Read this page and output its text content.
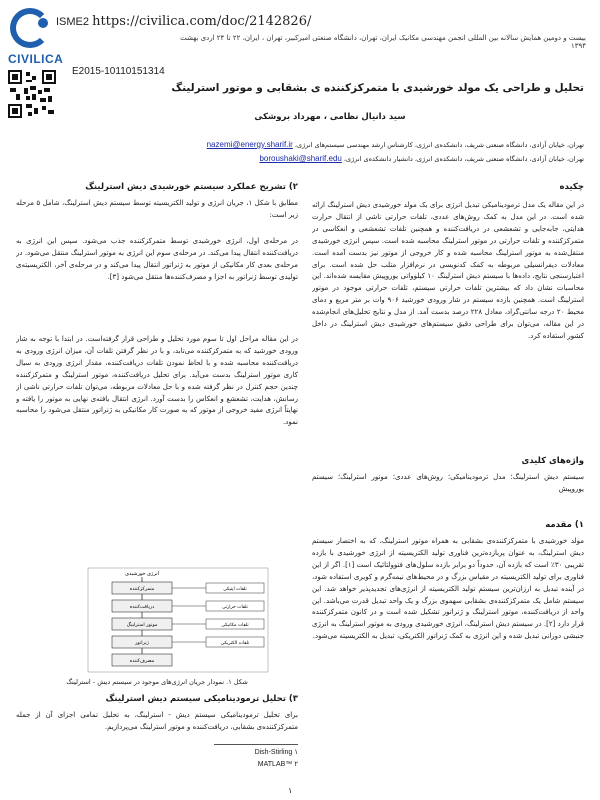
CIVILICA
ISME2 https://civilica.com/doc/2142826/
بیست و دومین همایش سالانه بین المللی انجمن مهندسی مکانیک ایران، تهران، دانشگاه صنعتی امیرکبیر، تهران ، ایران، ۲۲ تا ۲۴ اردی بهشت ۱۳۹۴
E2015-10110151314
تحلیل و طراحی یک مولد خورشیدی با متمرکزکننده ی بشقابی و موتور استرلینگ
سید دانیال نظامی ، مهرداد بروشکی
تهران، خیابان آزادی، دانشگاه صنعتی شریف، دانشکده‌ی انرژی، کارشناس ارشد مهندسی سیستم‌های انرژی، nazemi@energy.sharif.ir
تهران، خیابان آزادی، دانشگاه صنعتی شریف، دانشکده‌ی انرژی، دانشیار دانشکده‌ی انرژی، boroushaki@sharif.edu
چکیده
در این مقاله یک مدل ترمودینامیکی تبدیل انرژی برای یک مولد خورشیدی دیش استرلینگ ارائه شده است. در این مدل به کمک روش‌های عددی، تلفات حرارتی ناشی از انتقال حرارت هدایتی، جابه‌جایی و تشعشعی در دریافت‌کننده و همچنین تلفات تشعشعی و انعکاسی در متمرکزکننده و تلفات حرارتی در موتور استرلینگ محاسبه شده است. سپس انرژی خورشیدی منتقل‌شده به موتور استرلینگ محاسبه شده و کار خروجی از موتور نیز بدست آمده است. معادلات دیفرانسیلی مربوطه به کمک کدنویسی در نرم‌افزار متلب حل شده است. برای اعتبارسنجی نتایج، داده‌ها با سیستم دیش استرلینگ ۱۰ کیلوواتی یوروپیش مقایسه شده‌اند. این محاسبات نشان داد که بیشترین تلفات حرارتی سیستم، تلفات حرارتی موجود در موتور استرلینگ است. همچنین بازده سیستم در شار ورودی خورشید ۹۰۶ وات بر متر مربع و دمای محیط ۲۰ درجه سانتی‌گراد، معادل ۲۲۸ درصد بدست آمد. از مدل و نتایج تحلیل‌های انجام‌شده در این مقاله، می‌توان برای طراحی دقیق سیستم‌های خورشیدی دیش استرلینگ در داخل کشور استفاده کرد.
واژه‌های کلیدی
سیستم دیش استرلینگ؛ مدل ترمودینامیکی؛ روش‌های عددی؛ موتور استرلینگ؛ سیستم یوروپیش
۱) مقدمه
مولد خورشیدی با متمرکزکننده‌ی بشقابی به همراه موتور استرلینگ، که به اختصار سیستم دیش استرلینگ، به عنوان پربازده‌ترین فناوری تولید الکتریسیته از انرژی خورشیدی با بازده تقریبی ۳۰٪ است که بازده آن، حدوداً دو برابر بازده سلول‌های فتوولتائیک است [۱]. اگر از این فناوری برای تولید الکتریسیته در مقیاس بزرگ و در محیط‌های نیمه‌گرم و کویری استفاده شود، در آینده تبدیل به ارزان‌ترین سیستم تولید الکتریسیته از انرژی‌های تجدیدپذیر خواهد شد. این سیستم شامل یک متمرکزکننده‌ی بشقابی سهموی بزرگ و یک واحد تبدیل قدرت می‌باشد. این واحد از دریافت‌کننده، موتور استرلینگ و ژنراتور تشکیل شده است و در کانون متمرکزکننده قرار دارد [۲]. در سیستم دیش استرلینگ، انرژی خورشیدی ورودی به موتور استرلینگ به انرژی جنبشی دورانی تبدیل شده و این انرژی به کمک ژنراتور الکتریکی، تبدیل به الکتریسیته می‌شود.
۲) تشریح عملکرد سیستم خورشیدی دیش استرلینگ
مطابق با شکل ۱، جریان انرژی و تولید الکتریسیته توسط سیستم دیش استرلینگ، شامل ۵ مرحله زیر است:
در مرحله‌ی اول، انرژی خورشیدی توسط متمرکزکننده جذب می‌شود. سپس این انرژی به دریافت‌کننده انتقال پیدا می‌کند. در مرحله‌ی سوم این انرژی به موتور استرلینگ منتقل می‌شود. در مرحله‌ی بعدی کار مکانیکی از موتور به ژنراتور انتقال پیدا می‌کند و در مرحله‌ی آخر، الکتریسیته‌ی تولیدی توسط ژنراتور به اجزا و مصرف‌کننده‌ها منتقل می‌شود [۳].
در این مقاله مراحل اول تا سوم مورد تحلیل و طراحی قرار گرفته‌است. در ابتدا با توجه به شار ورودی خورشید که به متمرکزکننده می‌تابد، و با در نظر گرفتن تلفات آن، میزان انرژی ورودی به دریافت‌کننده محاسبه شده و با لحاظ نمودن تلفات دریافت‌کننده، مقدار انرژی ورودی به سیال کاری موتور استرلینگ بدست می‌آید. برای تحلیل دریافت‌کننده، موتور استرلینگ و متمرکزکننده چندین حجم کنترل در نظر گرفته شده و با حل معادلات مربوطه، می‌توان تلفات حرارتی ناشی از رسانش، هدایت، تشعشع و انعکاس را بدست آورد. انرژی انتقال یافته‌ی نهایی به موتور را یافته و نهایتاً انرژی مفید خروجی از موتور که به صورت کار مکانیکی به ژنراتور منتقل می‌شود را محاسبه نمود.
انرژی خورشیدی
متمرکزکننده
دریافت‌کننده
موتور استرلینگ
ژنراتور
مصرف‌کننده
تلفات اپتیکی
تلفات حرارتی
تلفات مکانیکی
تلفات الکتریکی
شکل ۱. نمودار جریان انرژی‌های موجود در سیستم دیش - استرلینگ
۳) تحلیل ترمودینامیکی سیستم دیش استرلینگ
برای تحلیل ترمودینامیکی سیستم دیش - استرلینگ، به تحلیل تمامی اجزای آن از جمله متمرکزکننده‌ی بشقابی، دریافت‌کننده و موتور استرلینگ می‌پردازیم.
Dish-Stirling ۱
MATLAB™ ۲
۱
